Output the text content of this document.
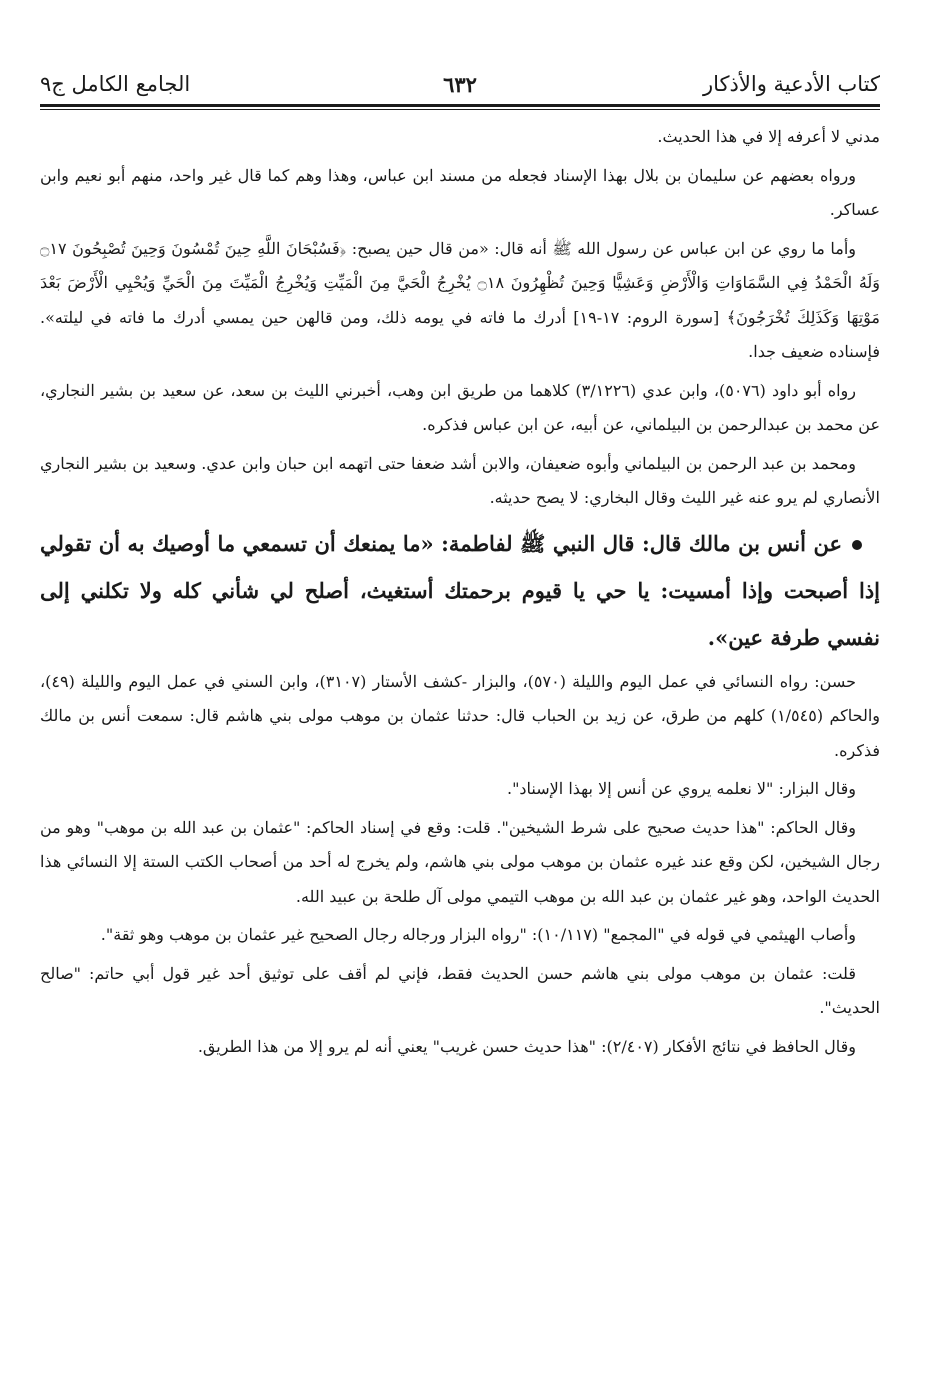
كتاب الأدعية والأذكار
٦٣٢
الجامع الكامل ج٩

مدني لا أعرفه إلا في هذا الحديث.

ورواه بعضهم عن سليمان بن بلال بهذا الإسناد فجعله من مسند ابن عباس، وهذا وهم كما قال غير واحد، منهم أبو نعيم وابن عساكر.

وأما ما روي عن ابن عباس عن رسول الله ﷺ أنه قال: «من قال حين يصبح: ﴿فَسُبْحَانَ اللَّهِ حِينَ تُمْسُونَ وَحِينَ تُصْبِحُونَ ۝١٧ وَلَهُ الْحَمْدُ فِي السَّمَاوَاتِ وَالْأَرْضِ وَعَشِيًّا وَحِينَ تُظْهِرُونَ ۝١٨ يُخْرِجُ الْحَيَّ مِنَ الْمَيِّتِ وَيُخْرِجُ الْمَيِّتَ مِنَ الْحَيِّ وَيُحْيِي الْأَرْضَ بَعْدَ مَوْتِهَا وَكَذَلِكَ تُخْرَجُونَ﴾ [سورة الروم: ١٧-١٩] أدرك ما فاته في يومه ذلك، ومن قالهن حين يمسي أدرك ما فاته في ليلته». فإسناده ضعيف جدا.

رواه أبو داود (٥٠٧٦)، وابن عدي (٣/١٢٢٦) كلاهما من طريق ابن وهب، أخبرني الليث بن سعد، عن سعيد بن بشير النجاري، عن محمد بن عبدالرحمن بن البيلماني، عن أبيه، عن ابن عباس فذكره.

ومحمد بن عبد الرحمن بن البيلماني وأبوه ضعيفان، والابن أشد ضعفا حتى اتهمه ابن حبان وابن عدي. وسعيد بن بشير النجاري الأنصاري لم يرو عنه غير الليث وقال البخاري: لا يصح حديثه.

عن أنس بن مالك قال: قال النبي ﷺ لفاطمة: «ما يمنعك أن تسمعي ما أوصيك به أن تقولي إذا أصبحت وإذا أمسيت: يا حي يا قيوم برحمتك أستغيث، أصلح لي شأني كله ولا تكلني إلى نفسي طرفة عين».

حسن: رواه النسائي في عمل اليوم والليلة (٥٧٠)، والبزار -كشف الأستار (٣١٠٧)، وابن السني في عمل اليوم والليلة (٤٩)، والحاكم (١/٥٤٥) كلهم من طرق، عن زيد بن الحباب قال: حدثنا عثمان بن موهب مولى بني هاشم قال: سمعت أنس بن مالك فذكره.

وقال البزار: "لا نعلمه يروي عن أنس إلا بهذا الإسناد".

وقال الحاكم: "هذا حديث صحيح على شرط الشيخين". قلت: وقع في إسناد الحاكم: "عثمان بن عبد الله بن موهب" وهو من رجال الشيخين، لكن وقع عند غيره عثمان بن موهب مولى بني هاشم، ولم يخرج له أحد من أصحاب الكتب الستة إلا النسائي هذا الحديث الواحد، وهو غير عثمان بن عبد الله بن موهب التيمي مولى آل طلحة بن عبيد الله.

وأصاب الهيثمي في قوله في "المجمع" (١٠/١١٧): "رواه البزار ورجاله رجال الصحيح غير عثمان بن موهب وهو ثقة".

قلت: عثمان بن موهب مولى بني هاشم حسن الحديث فقط، فإني لم أقف على توثيق أحد غير قول أبي حاتم: "صالح الحديث".

وقال الحافظ في نتائج الأفكار (٢/٤٠٧): "هذا حديث حسن غريب" يعني أنه لم يرو إلا من هذا الطريق.
